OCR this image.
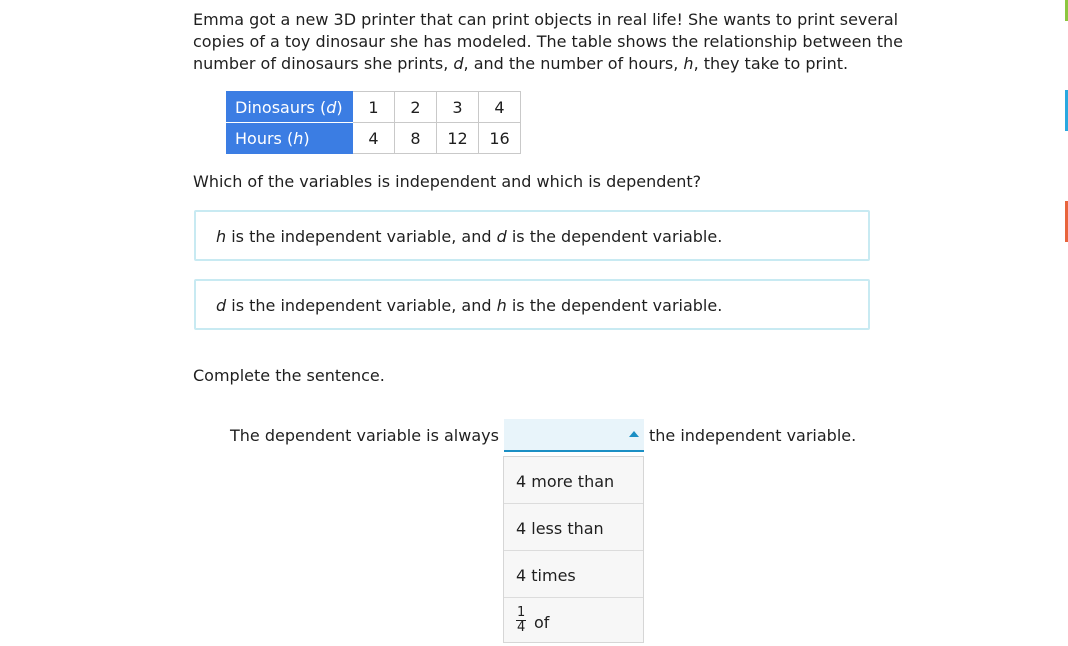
Emma got a new 3D printer that can print objects in real life! She wants to print several copies of a toy dinosaur she has modeled. The table shows the relationship between the number of dinosaurs she prints, d, and the number of hours, h, they take to print.

Dinosaurs (d)	1	2	3	4
Hours (h)	4	8	12	16

Which of the variables is independent and which is dependent?

h is the independent variable, and d is the dependent variable.
d is the independent variable, and h is the dependent variable.

Complete the sentence.

The dependent variable is always	the independent variable.
4 more than
4 less than
4 times
$\frac{1}{4}$ of
